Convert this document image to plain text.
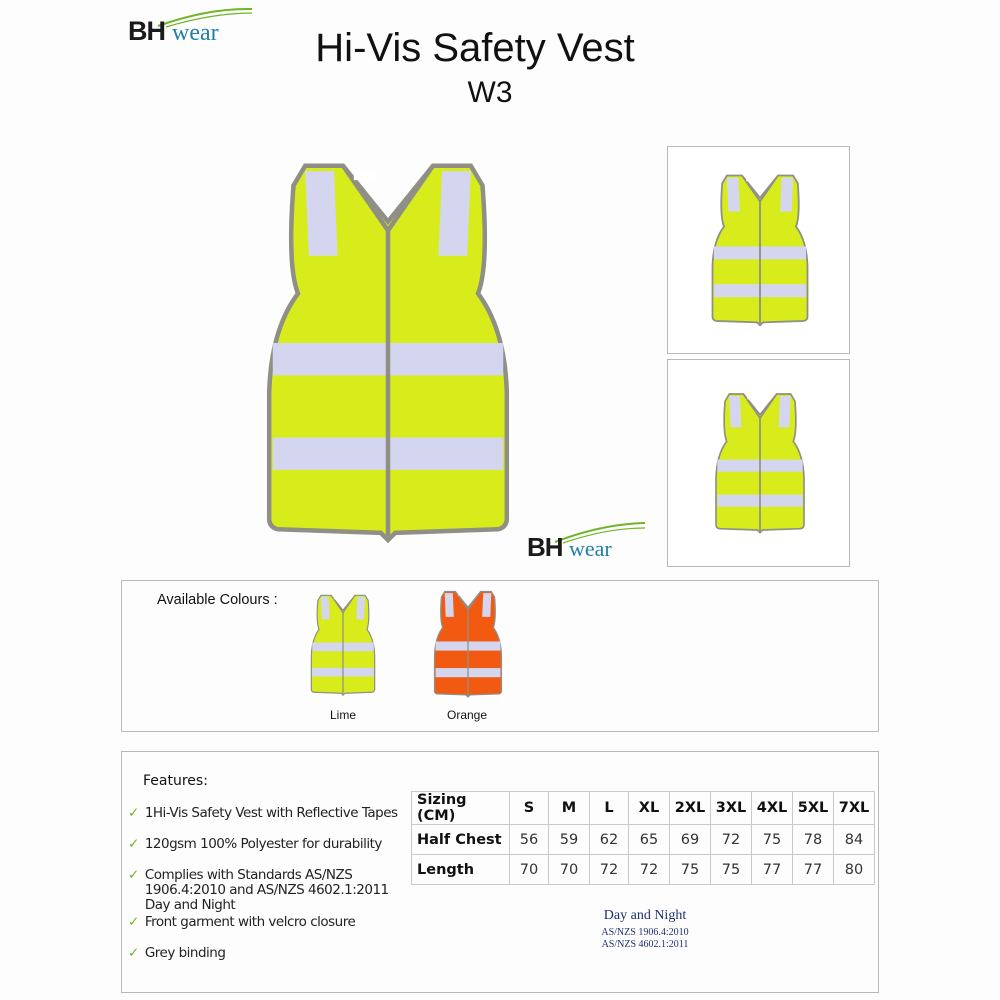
BH wear	Hi-Vis Safety Vest
W3
BH wear
Available Colours :
Lime	Orange
Features:
✓ 1Hi-Vis Safety Vest with Reflective Tapes
✓ 120gsm 100% Polyester for durability
✓ Complies with Standards AS/NZS 1906.4:2010 and AS/NZS 4602.1:2011 Day and Night
✓ Front garment with velcro closure
✓ Grey binding
Sizing (CM)	S	M	L	XL	2XL	3XL	4XL	5XL	7XL
Half Chest	56	59	62	65	69	72	75	78	84
Length	70	70	72	72	75	75	77	77	80
Day and Night
AS/NZS 1906.4:2010
AS/NZS 4602.1:2011
